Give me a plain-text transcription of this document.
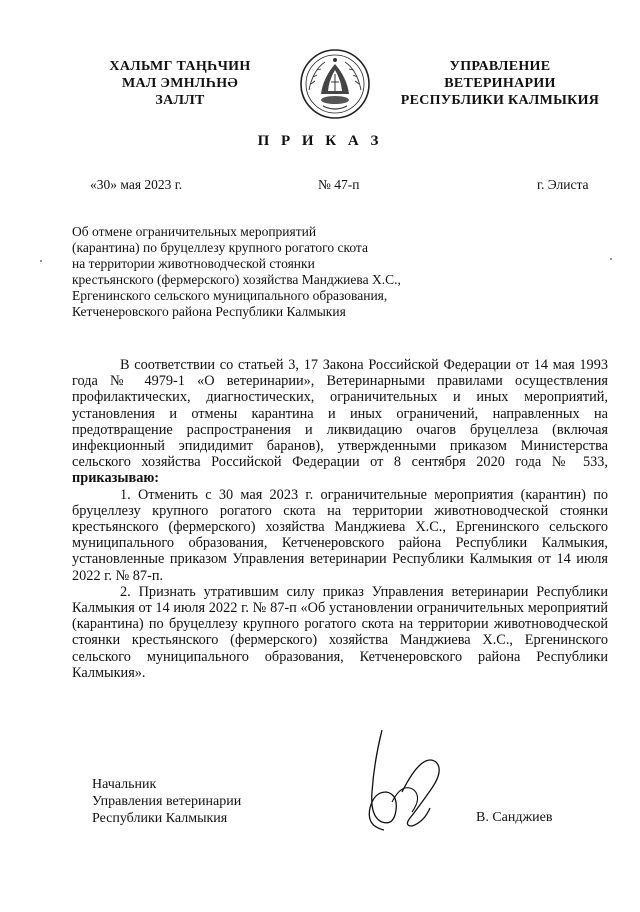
ХАЛЬМГ ТАҢҺЧИН
МАЛ ЭМНЛҺНӘ
ЗАЛЛТ
УПРАВЛЕНИЕ
ВЕТЕРИНАРИИ
РЕСПУБЛИКИ КАЛМЫКИЯ
П Р И К А З
«30» мая 2023 г.	№ 47-п	г. Элиста
Об отмене ограничительных мероприятий
(карантина) по бруцеллезу крупного рогатого скота
на территории животноводческой стоянки
крестьянского (фермерского) хозяйства Манджиева Х.С.,
Ергенинского сельского муниципального образования,
Кетченеровского района Республики Калмыкия

В соответствии со статьей 3, 17 Закона Российской Федерации от 14 мая 1993 года № 4979-1 «О ветеринарии», Ветеринарными правилами осуществления профилактических, диагностических, ограничительных и иных мероприятий, установления и отмены карантина и иных ограничений, направленных на предотвращение распространения и ликвидацию очагов бруцеллеза (включая инфекционный эпидидимит баранов), утвержденными приказом Министерства сельского хозяйства Российской Федерации от 8 сентября 2020 года № 533, приказываю:

1. Отменить с 30 мая 2023 г. ограничительные мероприятия (карантин) по бруцеллезу крупного рогатого скота на территории животноводческой стоянки крестьянского (фермерского) хозяйства Манджиева Х.С., Ергенинского сельского муниципального образования, Кетченеровского района Республики Калмыкия, установленные приказом Управления ветеринарии Республики Калмыкия от 14 июля 2022 г. № 87-п.

2. Признать утратившим силу приказ Управления ветеринарии Республики Калмыкия от 14 июля 2022 г. № 87-п «Об установлении ограничительных мероприятий (карантина) по бруцеллезу крупного рогатого скота на территории животноводческой стоянки крестьянского (фермерского) хозяйства Манджиева Х.С., Ергенинского сельского муниципального образования, Кетченеровского района Республики Калмыкия».

Начальник
Управления ветеринарии
Республики Калмыкия	В. Санджиев
